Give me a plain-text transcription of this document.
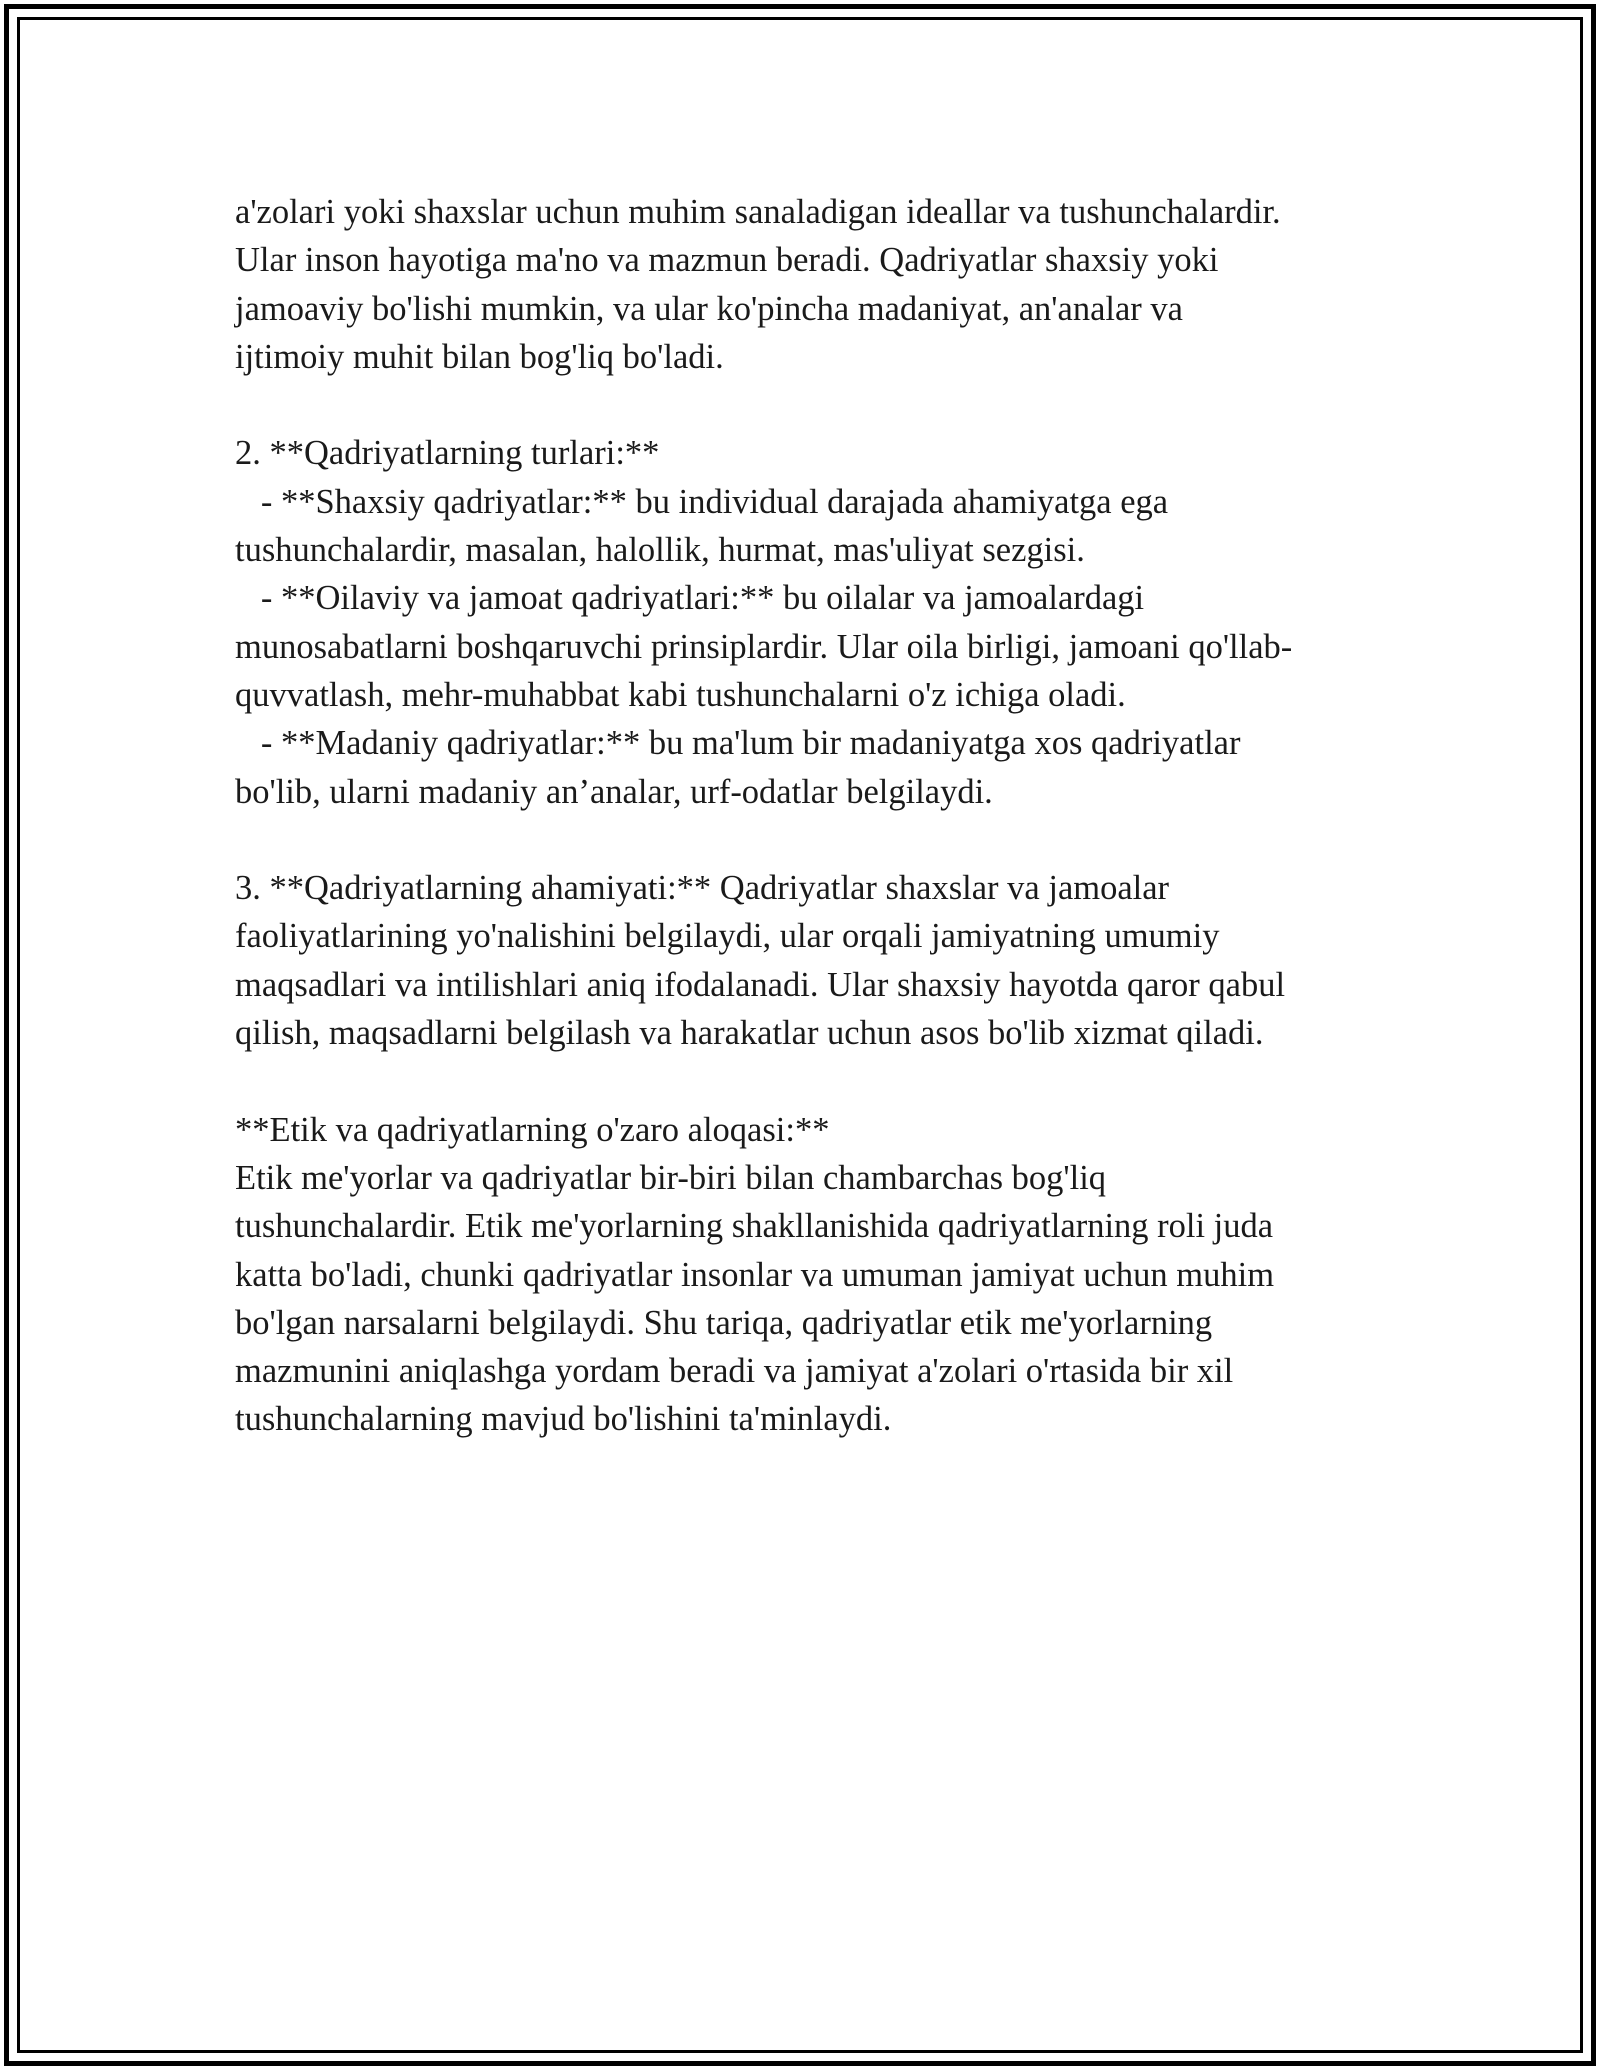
a'zolari yoki shaxslar uchun muhim sanaladigan ideallar va tushunchalardir.
Ular inson hayotiga ma'no va mazmun beradi. Qadriyatlar shaxsiy yoki
jamoaviy bo'lishi mumkin, va ular ko'pincha madaniyat, an'analar va
ijtimoiy muhit bilan bog'liq bo'ladi.
2. **Qadriyatlarning turlari:**
- **Shaxsiy qadriyatlar:** bu individual darajada ahamiyatga ega
tushunchalardir, masalan, halollik, hurmat, mas'uliyat sezgisi.
- **Oilaviy va jamoat qadriyatlari:** bu oilalar va jamoalardagi
munosabatlarni boshqaruvchi prinsiplardir. Ular oila birligi, jamoani qo'llab-
quvvatlash, mehr-muhabbat kabi tushunchalarni o'z ichiga oladi.
- **Madaniy qadriyatlar:** bu ma'lum bir madaniyatga xos qadriyatlar
bo'lib, ularni madaniy an’analar, urf-odatlar belgilaydi.
3. **Qadriyatlarning ahamiyati:** Qadriyatlar shaxslar va jamoalar
faoliyatlarining yo'nalishini belgilaydi, ular orqali jamiyatning umumiy
maqsadlari va intilishlari aniq ifodalanadi. Ular shaxsiy hayotda qaror qabul
qilish, maqsadlarni belgilash va harakatlar uchun asos bo'lib xizmat qiladi.
**Etik va qadriyatlarning o'zaro aloqasi:**
Etik me'yorlar va qadriyatlar bir-biri bilan chambarchas bog'liq
tushunchalardir. Etik me'yorlarning shakllanishida qadriyatlarning roli juda
katta bo'ladi, chunki qadriyatlar insonlar va umuman jamiyat uchun muhim
bo'lgan narsalarni belgilaydi. Shu tariqa, qadriyatlar etik me'yorlarning
mazmunini aniqlashga yordam beradi va jamiyat a'zolari o'rtasida bir xil
tushunchalarning mavjud bo'lishini ta'minlaydi.
